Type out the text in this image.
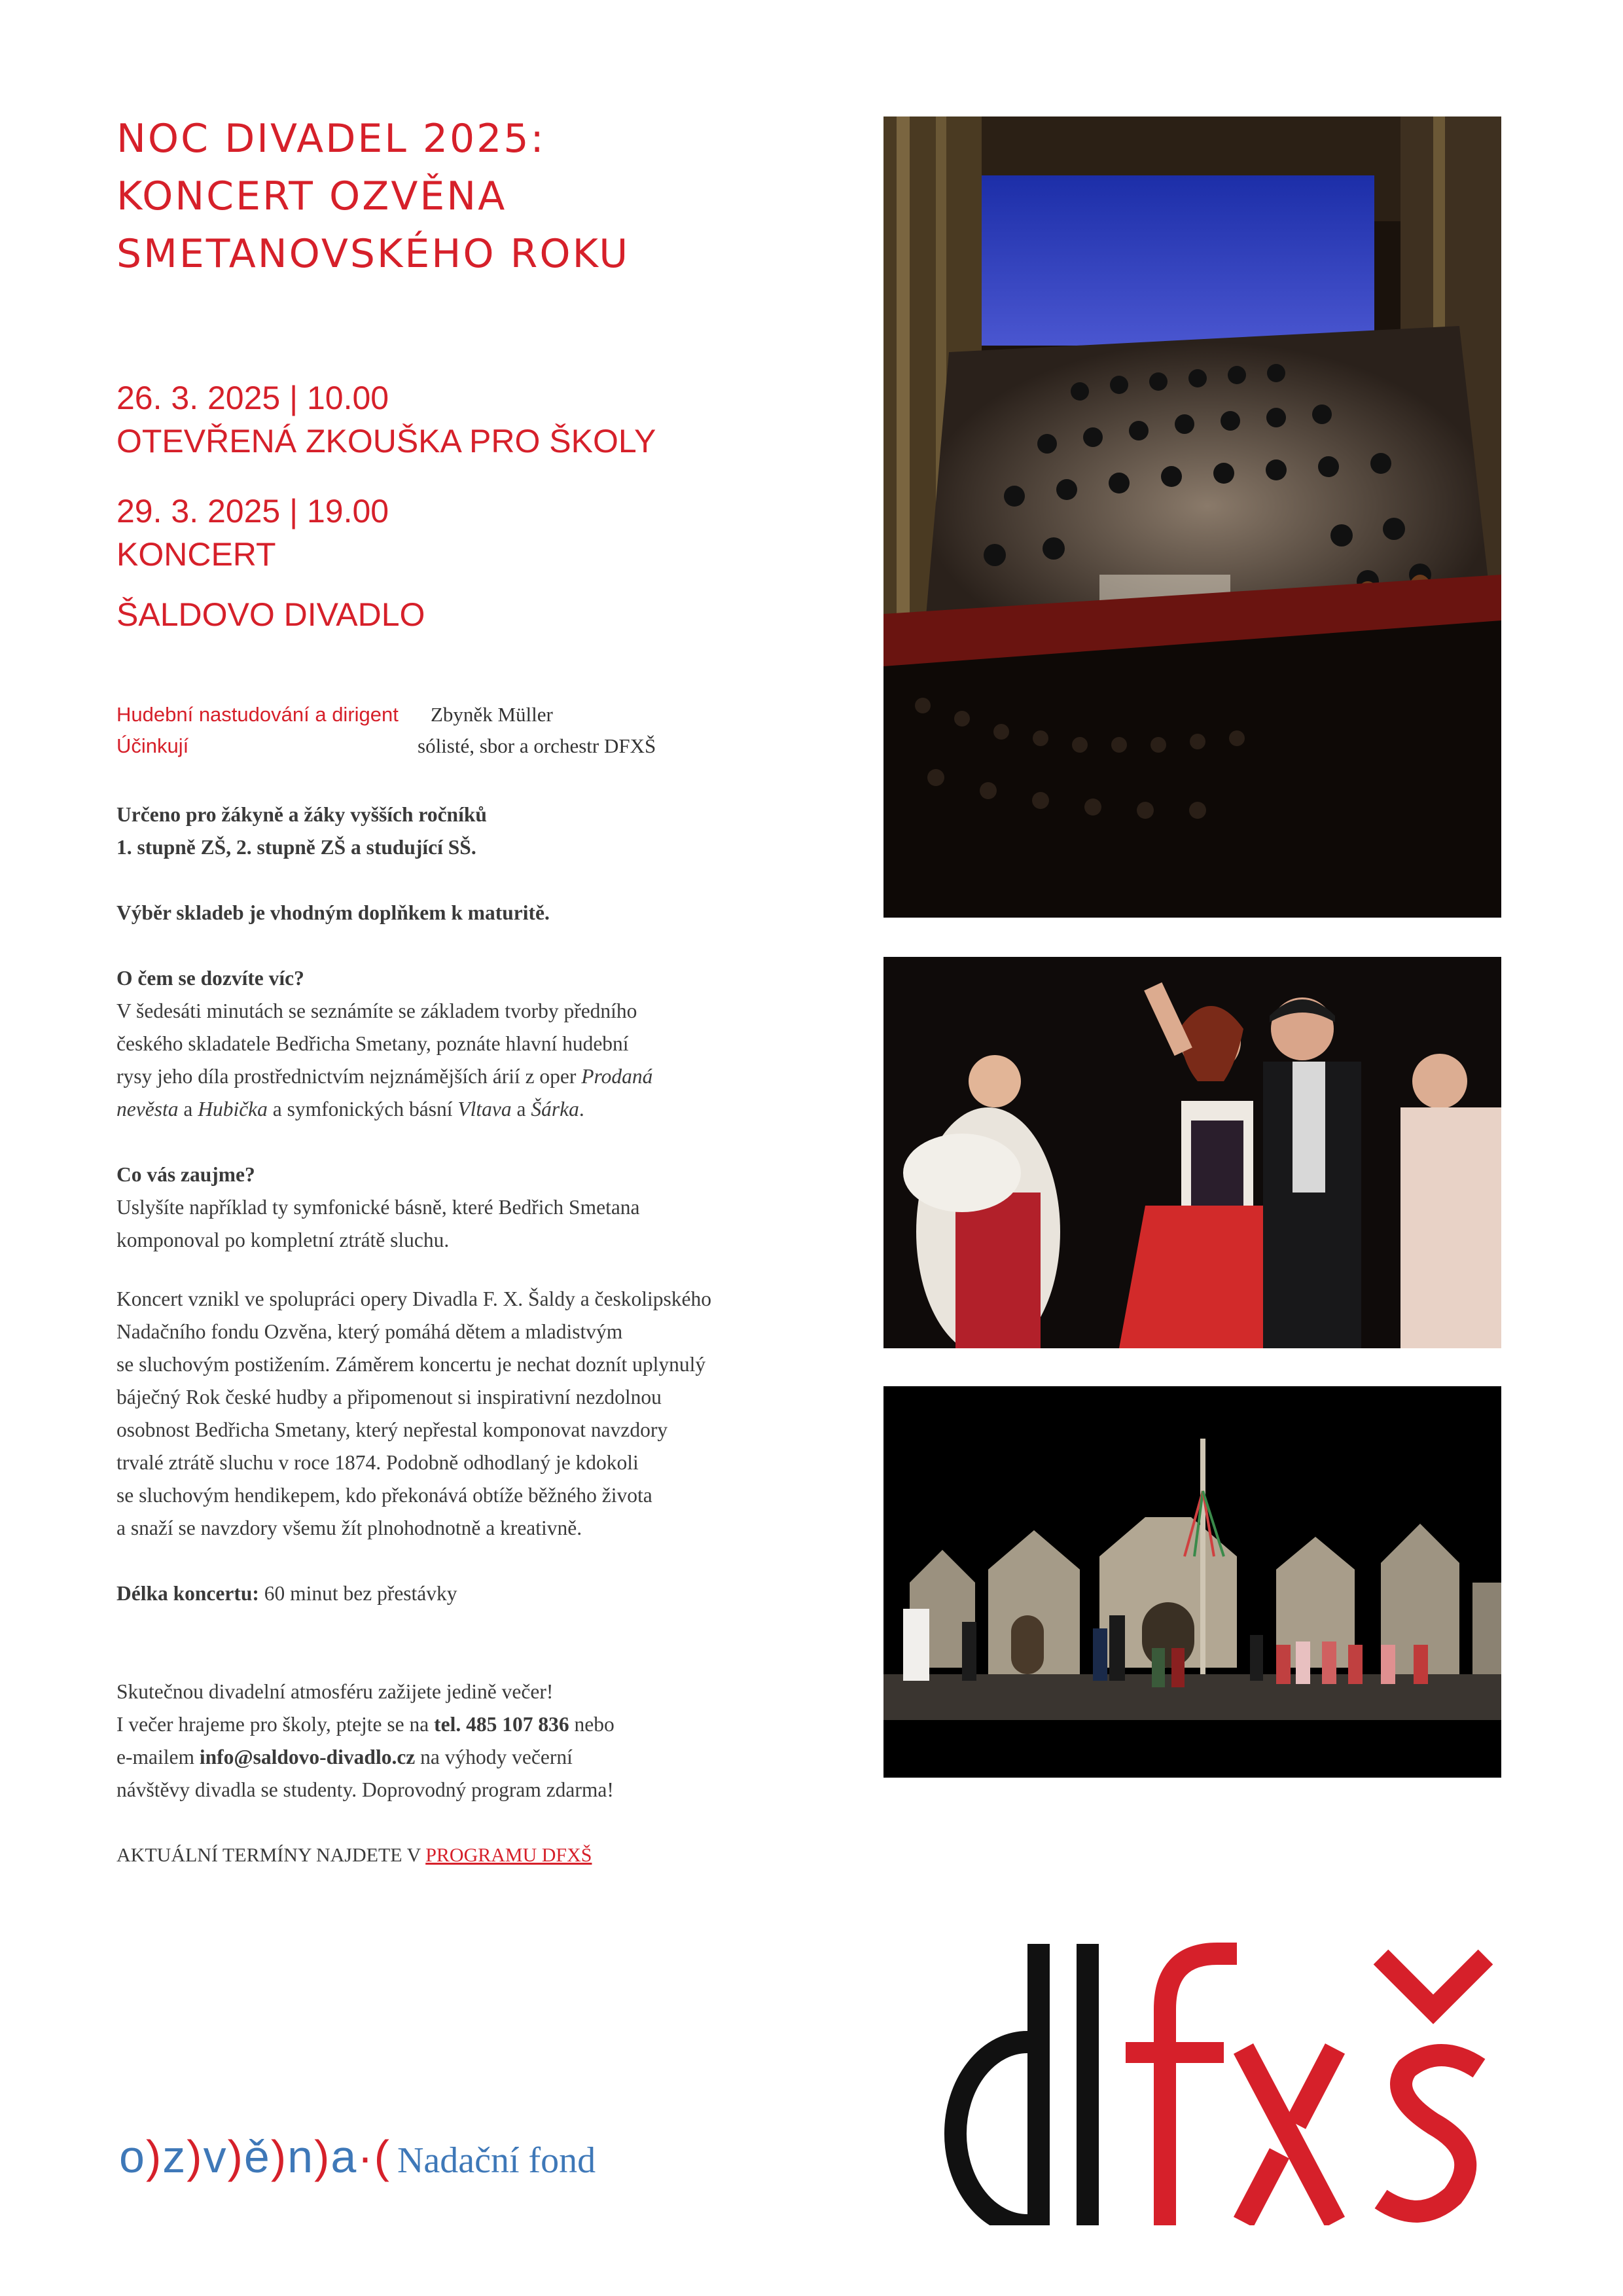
NOC DIVADEL 2025:
KONCERT OZVĚNA
SMETANOVSKÉHO ROKU
26. 3. 2025 | 10.00
OTEVŘENÁ ZKOUŠKA PRO ŠKOLY
29. 3. 2025 | 19.00
KONCERT
ŠALDOVO DIVADLO
Hudební nastudování a dirigent	Zbyněk Müller
Účinkují	sólisté, sbor a orchestr DFXŠ

Určeno pro žákyně a žáky vyšších ročníků

1. stupně ZŠ, 2. stupně ZŠ a studující SŠ.

Výběr skladeb je vhodným doplňkem k maturitě.

O čem se dozvíte víc?

V šedesáti minutách se seznámíte se základem tvorby předního

českého skladatele Bedřicha Smetany, poznáte hlavní hudební

rysy jeho díla prostřednictvím nejznámějších árií z oper Prodaná

nevěsta a Hubička a symfonických básní Vltava a Šárka.

Co vás zaujme?

Uslyšíte například ty symfonické básně, které Bedřich Smetana

komponoval po kompletní ztrátě sluchu.

Koncert vznikl ve spolupráci opery Divadla F. X. Šaldy a českolipského

Nadačního fondu Ozvěna, který pomáhá dětem a mladistvým

se sluchovým postižením. Záměrem koncertu je nechat doznít uplynulý

báječný Rok české hudby a připomenout si inspirativní nezdolnou

osobnost Bedřicha Smetany, který nepřestal komponovat navzdory

trvalé ztrátě sluchu v roce 1874. Podobně odhodlaný je kdokoli

se sluchovým hendikepem, kdo překonává obtíže běžného života

a snaží se navzdory všemu žít plnohodnotně a kreativně.

Délka koncertu: 60 minut bez přestávky

Skutečnou divadelní atmosféru zažijete jedině večer!

I večer hrajeme pro školy, ptejte se na tel. 485 107 836 nebo

e-mailem info@saldovo-divadlo.cz na výhody večerní

návštěvy divadla se studenty. Doprovodný program zdarma!

AKTUÁLNÍ TERMÍNY NAJDETE V PROGRAMU DFXŠ

o)z)v)ě)n)a·( Nadační fond
